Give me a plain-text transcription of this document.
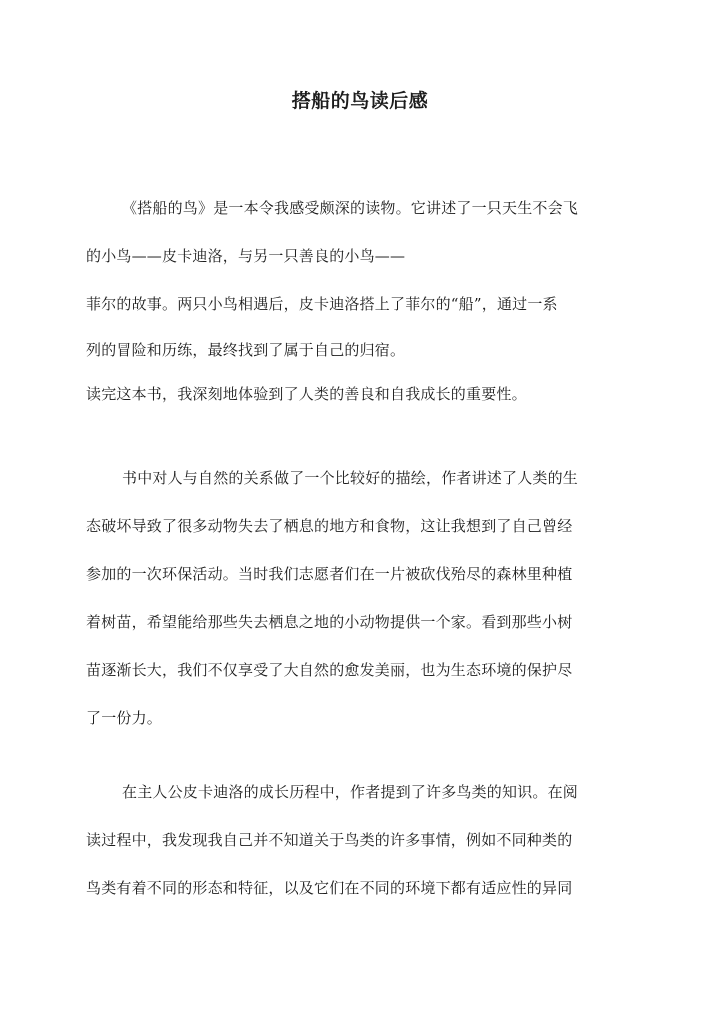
搭船的鸟读后感
《搭船的鸟》是一本令我感受颇深的读物。它讲述了一只天生不会飞
的小鸟——皮卡迪洛，与另一只善良的小鸟——
菲尔的故事。两只小鸟相遇后，皮卡迪洛搭上了菲尔的“船”，通过一系
列的冒险和历练，最终找到了属于自己的归宿。
读完这本书，我深刻地体验到了人类的善良和自我成长的重要性。
书中对人与自然的关系做了一个比较好的描绘，作者讲述了人类的生
态破坏导致了很多动物失去了栖息的地方和食物，这让我想到了自己曾经
参加的一次环保活动。当时我们志愿者们在一片被砍伐殆尽的森林里种植
着树苗，希望能给那些失去栖息之地的小动物提供一个家。看到那些小树
苗逐渐长大，我们不仅享受了大自然的愈发美丽，也为生态环境的保护尽
了一份力。
在主人公皮卡迪洛的成长历程中，作者提到了许多鸟类的知识。在阅
读过程中，我发现我自己并不知道关于鸟类的许多事情，例如不同种类的
鸟类有着不同的形态和特征，以及它们在不同的环境下都有适应性的异同
